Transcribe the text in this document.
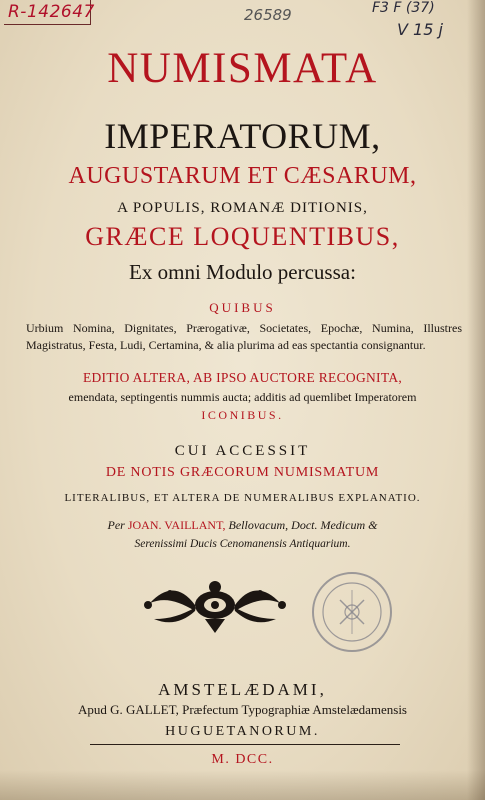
R-142647	26589	F3 F (37)
V 15 j
NUMISMATA
IMPERATORUM,
AUGUSTARUM ET CÆSARUM,
A POPULIS, ROMANÆ DITIONIS,
GRÆCE LOQUENTIBUS,
Ex omni Modulo percussa:
QUIBUS
Urbium Nomina, Dignitates, Prærogativæ, Societates, Epochæ, Numina, Illustres Magistratus, Festa, Ludi, Certamina, & alia plurima ad eas spectantia consignantur.
EDITIO ALTERA, AB IPSO AUCTORE RECOGNITA,
emendata, septingentis nummis aucta; additis ad quemlibet Imperatorem
ICONIBUS.
CUI ACCESSIT
DE NOTIS GRÆCORUM NUMISMATUM
LITERALIBUS, ET ALTERA DE NUMERALIBUS EXPLANATIO.
Per JOAN. VAILLANT, Bellovacum, Doct. Medicum &
Serenissimi Ducis Cenomanensis Antiquarium.
AMSTELÆDAMI,
Apud G. GALLET, Præfectum Typographiæ Amstelædamensis
HUGUETANORUM.
M. DCC.
